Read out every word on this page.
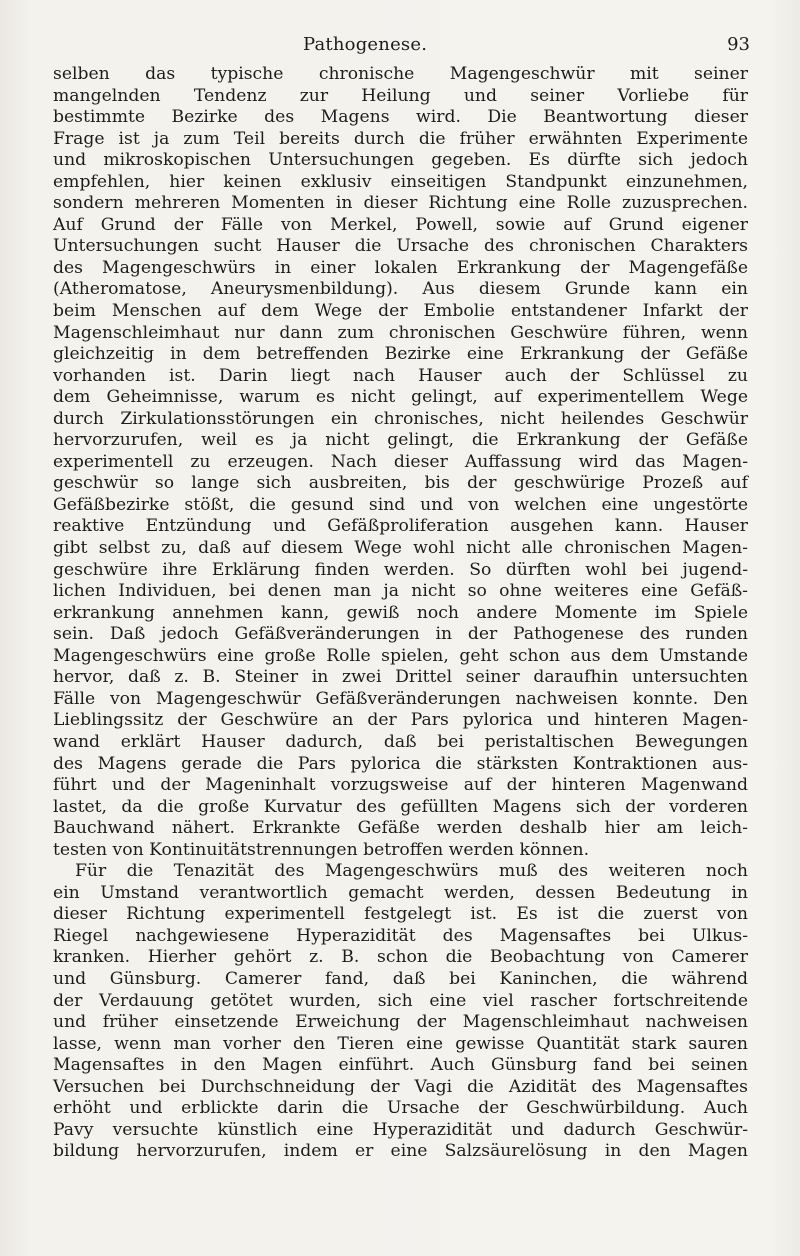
Pathogenese.	93
selben das typische chronische Magengeschwür mit seiner
mangelnden Tendenz zur Heilung und seiner Vorliebe für
bestimmte Bezirke des Magens wird. Die Beantwortung dieser
Frage ist ja zum Teil bereits durch die früher erwähnten Experimente
und mikroskopischen Untersuchungen gegeben. Es dürfte sich jedoch
empfehlen, hier keinen exklusiv einseitigen Standpunkt einzunehmen,
sondern mehreren Momenten in dieser Richtung eine Rolle zuzusprechen.
Auf Grund der Fälle von Merkel, Powell, sowie auf Grund eigener
Untersuchungen sucht Hauser die Ursache des chronischen Charakters
des Magengeschwürs in einer lokalen Erkrankung der Magengefäße
(Atheromatose, Aneurysmenbildung). Aus diesem Grunde kann ein
beim Menschen auf dem Wege der Embolie entstandener Infarkt der
Magenschleimhaut nur dann zum chronischen Geschwüre führen, wenn
gleichzeitig in dem betreffenden Bezirke eine Erkrankung der Gefäße
vorhanden ist. Darin liegt nach Hauser auch der Schlüssel zu
dem Geheimnisse, warum es nicht gelingt, auf experimentellem Wege
durch Zirkulationsstörungen ein chronisches, nicht heilendes Geschwür
hervorzurufen, weil es ja nicht gelingt, die Erkrankung der Gefäße
experimentell zu erzeugen. Nach dieser Auffassung wird das Magen-
geschwür so lange sich ausbreiten, bis der geschwürige Prozeß auf
Gefäßbezirke stößt, die gesund sind und von welchen eine ungestörte
reaktive Entzündung und Gefäßproliferation ausgehen kann. Hauser
gibt selbst zu, daß auf diesem Wege wohl nicht alle chronischen Magen-
geschwüre ihre Erklärung finden werden. So dürften wohl bei jugend-
lichen Individuen, bei denen man ja nicht so ohne weiteres eine Gefäß-
erkrankung annehmen kann, gewiß noch andere Momente im Spiele
sein. Daß jedoch Gefäßveränderungen in der Pathogenese des runden
Magengeschwürs eine große Rolle spielen, geht schon aus dem Umstande
hervor, daß z. B. Steiner in zwei Drittel seiner daraufhin untersuchten
Fälle von Magengeschwür Gefäßveränderungen nachweisen konnte. Den
Lieblingssitz der Geschwüre an der Pars pylorica und hinteren Magen-
wand erklärt Hauser dadurch, daß bei peristaltischen Bewegungen
des Magens gerade die Pars pylorica die stärksten Kontraktionen aus-
führt und der Mageninhalt vorzugsweise auf der hinteren Magenwand
lastet, da die große Kurvatur des gefüllten Magens sich der vorderen
Bauchwand nähert. Erkrankte Gefäße werden deshalb hier am leich-
testen von Kontinuitätstrennungen betroffen werden können.
Für die Tenazität des Magengeschwürs muß des weiteren noch
ein Umstand verantwortlich gemacht werden, dessen Bedeutung in
dieser Richtung experimentell festgelegt ist. Es ist die zuerst von
Riegel nachgewiesene Hyperazidität des Magensaftes bei Ulkus-
kranken. Hierher gehört z. B. schon die Beobachtung von Camerer
und Günsburg. Camerer fand, daß bei Kaninchen, die während
der Verdauung getötet wurden, sich eine viel rascher fortschreitende
und früher einsetzende Erweichung der Magenschleimhaut nachweisen
lasse, wenn man vorher den Tieren eine gewisse Quantität stark sauren
Magensaftes in den Magen einführt. Auch Günsburg fand bei seinen
Versuchen bei Durchschneidung der Vagi die Azidität des Magensaftes
erhöht und erblickte darin die Ursache der Geschwürbildung. Auch
Pavy versuchte künstlich eine Hyperazidität und dadurch Geschwür-
bildung hervorzurufen, indem er eine Salzsäurelösung in den Magen
